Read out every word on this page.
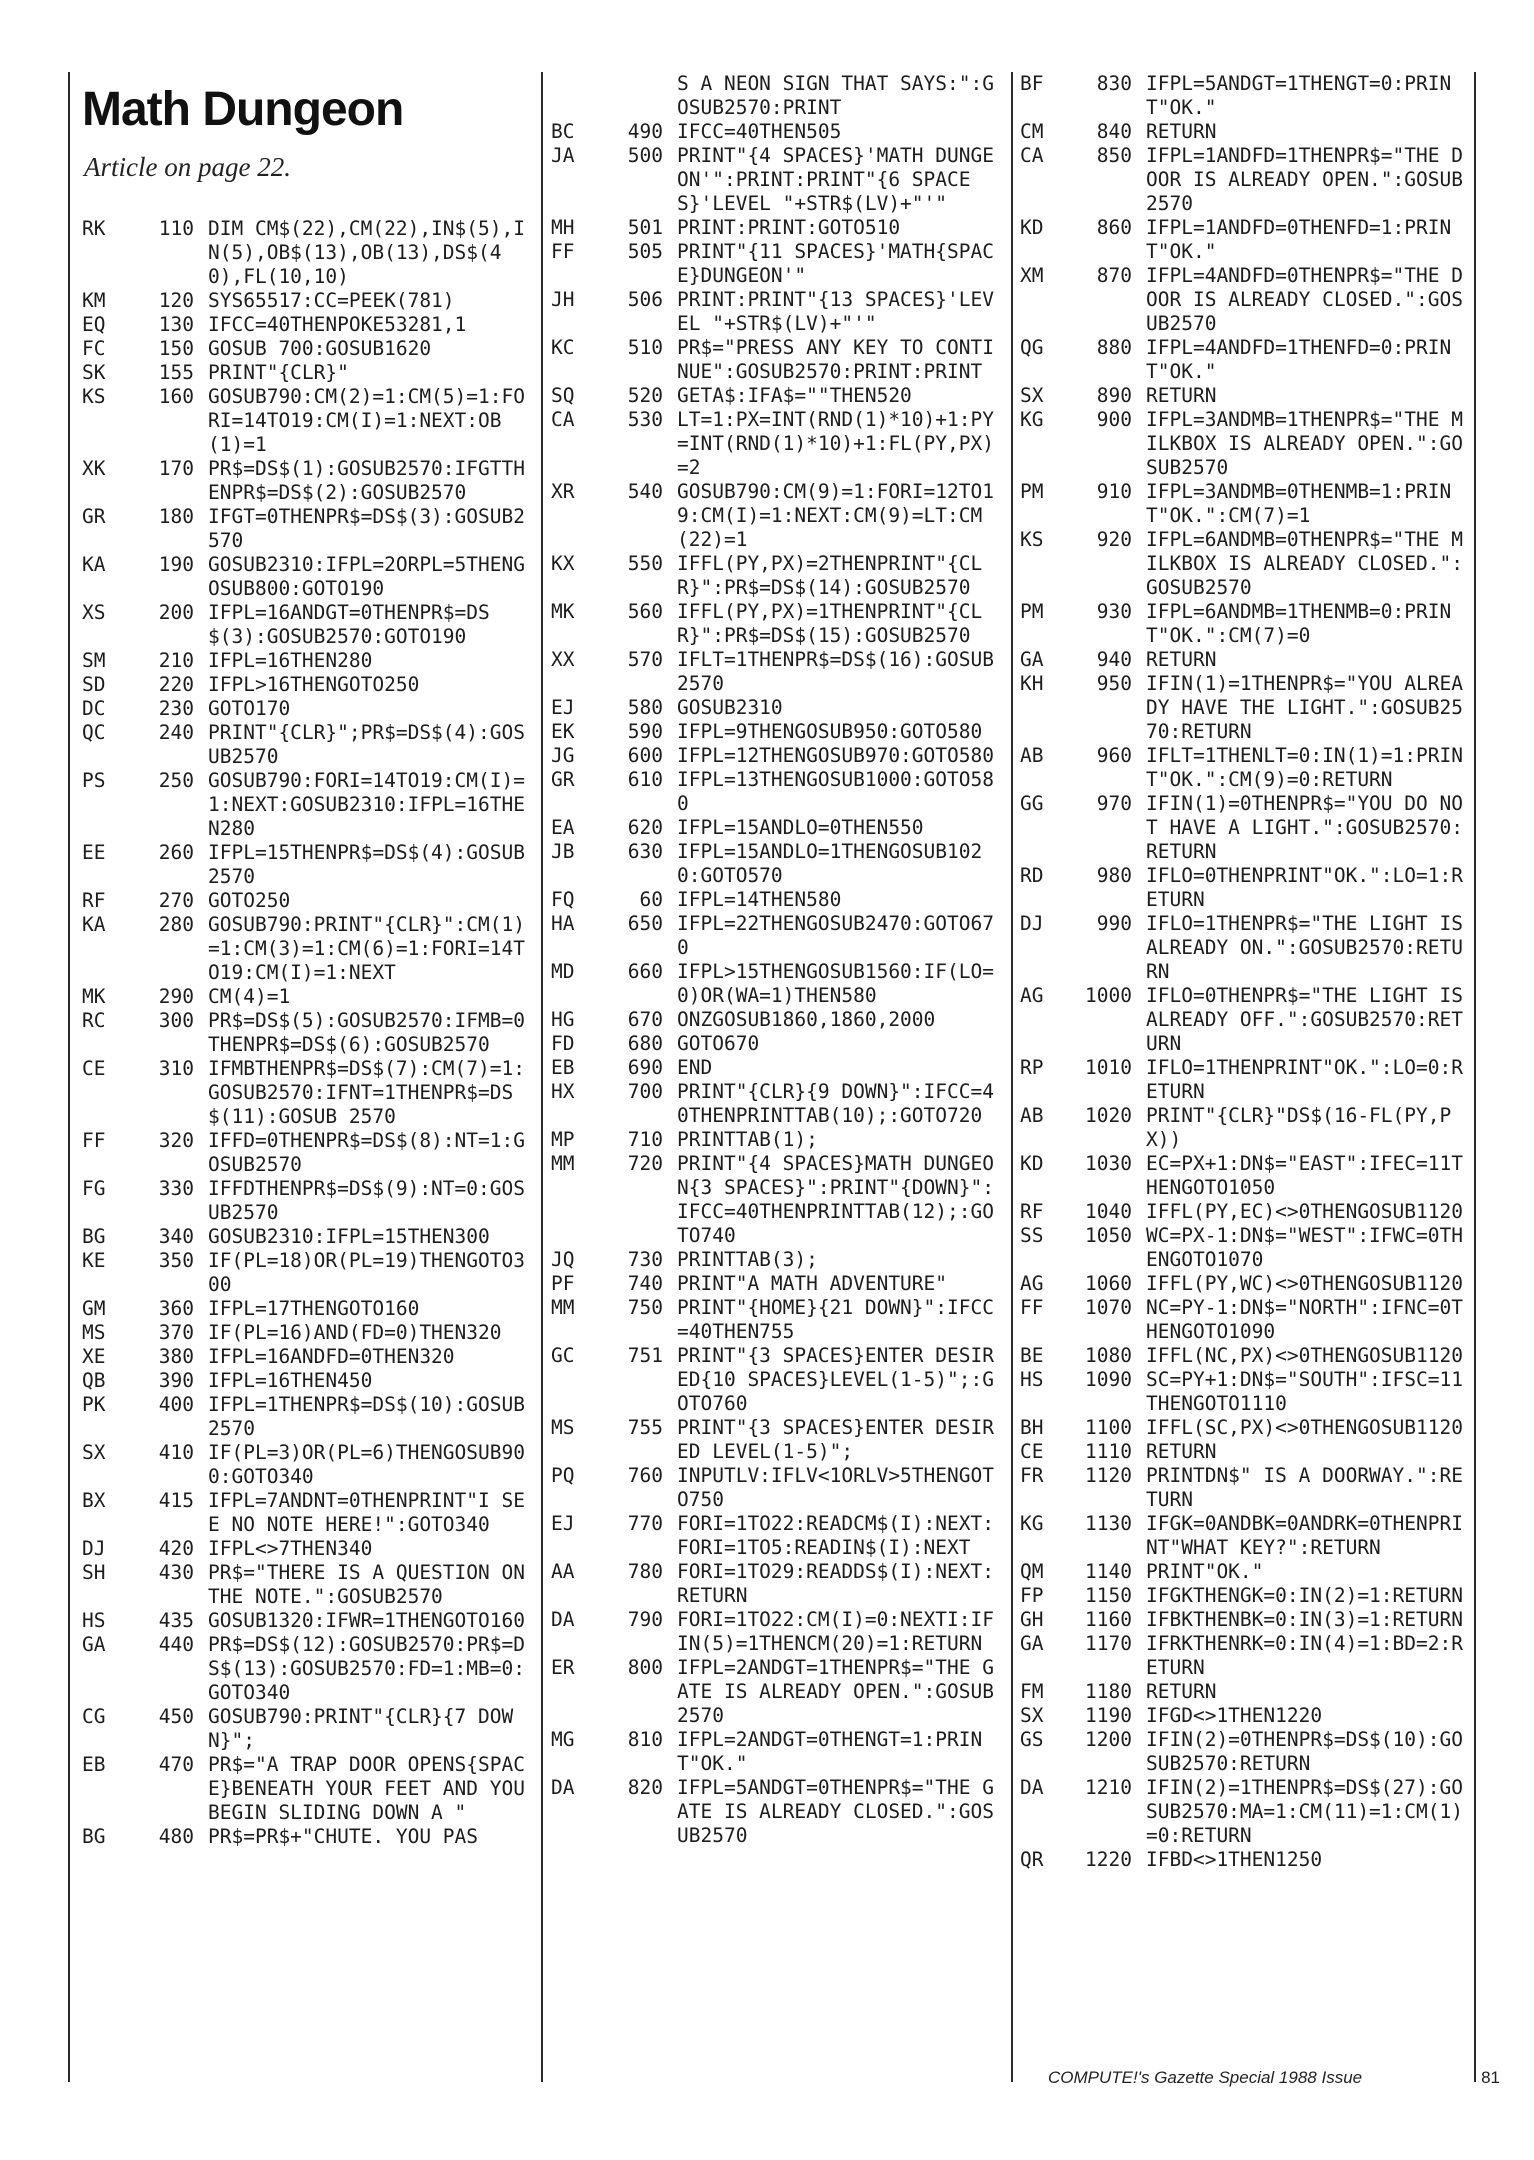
Math Dungeon
Article on page 22.
RK	110 DIM CM$(22),CM(22),IN$(5),IN(5),OB$(13),OB(13),DS$(40),FL(10,10)
KM	120 SYS65517:CC=PEEK(781)
EQ	130 IFCC=40THENPOKE53281,1
FC	150 GOSUB 700:GOSUB1620
SK	155 PRINT"{CLR}"
KS	160 GOSUB790:CM(2)=1:CM(5)=1:FORI=14TO19:CM(I)=1:NEXT:OB(1)=1
XK	170 PR$=DS$(1):GOSUB2570:IFGTTHENPR$=DS$(2):GOSUB2570
GR	180 IFGT=0THENPR$=DS$(3):GOSUB2570
KA	190 GOSUB2310:IFPL=2ORPL=5THENGOSUB800:GOTO190
XS	200 IFPL=16ANDGT=0THENPR$=DS$(3):GOSUB2570:GOTO190
SM	210 IFPL=16THEN280
SD	220 IFPL>16THENGOTO250
DC	230 GOTO170
QC	240 PRINT"{CLR}";PR$=DS$(4):GOSUB2570
PS	250 GOSUB790:FORI=14TO19:CM(I)=1:NEXT:GOSUB2310:IFPL=16THEN280
EE	260 IFPL=15THENPR$=DS$(4):GOSUB2570
RF	270 GOTO250
KA	280 GOSUB790:PRINT"{CLR}":CM(1)=1:CM(3)=1:CM(6)=1:FORI=14TO19:CM(I)=1:NEXT
MK	290 CM(4)=1
RC	300 PR$=DS$(5):GOSUB2570:IFMB=0THENPR$=DS$(6):GOSUB2570
CE	310 IFMBTHENPR$=DS$(7):CM(7)=1:GOSUB2570:IFNT=1THENPR$=DS$(11):GOSUB 2570
FF	320 IFFD=0THENPR$=DS$(8):NT=1:GOSUB2570
FG	330 IFFDTHENPR$=DS$(9):NT=0:GOSUB2570
BG	340 GOSUB2310:IFPL=15THEN300
KE	350 IF(PL=18)OR(PL=19)THENGOTO300
GM	360 IFPL=17THENGOTO160
MS	370 IF(PL=16)AND(FD=0)THEN320
XE	380 IFPL=16ANDFD=0THEN320
QB	390 IFPL=16THEN450
PK	400 IFPL=1THENPR$=DS$(10):GOSUB2570
SX	410 IF(PL=3)OR(PL=6)THENGOSUB900:GOTO340
BX	415 IFPL=7ANDNT=0THENPRINT"I SEE NO NOTE HERE!":GOTO340
DJ	420 IFPL<>7THEN340
SH	430 PR$="THERE IS A QUESTION ON THE NOTE.":GOSUB2570
HS	435 GOSUB1320:IFWR=1THENGOTO160
GA	440 PR$=DS$(12):GOSUB2570:PR$=DS$(13):GOSUB2570:FD=1:MB=0:GOTO340
CG	450 GOSUB790:PRINT"{CLR}{7 DOWN}";
EB	470 PR$="A TRAP DOOR OPENS{SPACE}BENEATH YOUR FEET AND YOU BEGIN SLIDING DOWN A "
BG	480 PR$=PR$+"CHUTE. YOU PAS
S A NEON SIGN THAT SAYS:":GOSUB2570:PRINT
BC	490 IFCC=40THEN505
JA	500 PRINT"{4 SPACES}'MATH DUNGEON'":PRINT:PRINT"{6 SPACES}'LEVEL "+STR$(LV)+"'"
MH	501 PRINT:PRINT:GOTO510
FF	505 PRINT"{11 SPACES}'MATH{SPACE}DUNGEON'"
JH	506 PRINT:PRINT"{13 SPACES}'LEVEL "+STR$(LV)+"'"
KC	510 PR$="PRESS ANY KEY TO CONTINUE":GOSUB2570:PRINT:PRINT
SQ	520 GETA$:IFA$=""THEN520
CA	530 LT=1:PX=INT(RND(1)*10)+1:PY=INT(RND(1)*10)+1:FL(PY,PX)=2
XR	540 GOSUB790:CM(9)=1:FORI=12TO19:CM(I)=1:NEXT:CM(9)=LT:CM(22)=1
KX	550 IFFL(PY,PX)=2THENPRINT"{CLR}":PR$=DS$(14):GOSUB2570
MK	560 IFFL(PY,PX)=1THENPRINT"{CLR}":PR$=DS$(15):GOSUB2570
XX	570 IFLT=1THENPR$=DS$(16):GOSUB2570
EJ	580 GOSUB2310
EK	590 IFPL=9THENGOSUB950:GOTO580
JG	600 IFPL=12THENGOSUB970:GOTO580
GR	610 IFPL=13THENGOSUB1000:GOTO580
EA	620 IFPL=15ANDLO=0THEN550
JB	630 IFPL=15ANDLO=1THENGOSUB1020:GOTO570
FQ	60 IFPL=14THEN580
HA	650 IFPL=22THENGOSUB2470:GOTO670
MD	660 IFPL>15THENGOSUB1560:IF(LO=0)OR(WA=1)THEN580
HG	670 ONZGOSUB1860,1860,2000
FD	680 GOTO670
EB	690 END
HX	700 PRINT"{CLR}{9 DOWN}":IFCC=40THENPRINTTAB(10);:GOTO720
MP	710 PRINTTAB(1);
MM	720 PRINT"{4 SPACES}MATH DUNGEON{3 SPACES}":PRINT"{DOWN}":IFCC=40THENPRINTTAB(12);:GOTO740
JQ	730 PRINTTAB(3);
PF	740 PRINT"A MATH ADVENTURE"
MM	750 PRINT"{HOME}{21 DOWN}":IFCC=40THEN755
GC	751 PRINT"{3 SPACES}ENTER DESIRED{10 SPACES}LEVEL(1-5)";:GOTO760
MS	755 PRINT"{3 SPACES}ENTER DESIRED LEVEL(1-5)";
PQ	760 INPUTLV:IFLV<1ORLV>5THENGOTO750
EJ	770 FORI=1TO22:READCM$(I):NEXT:FORI=1TO5:READIN$(I):NEXT
AA	780 FORI=1TO29:READDS$(I):NEXT:RETURN
DA	790 FORI=1TO22:CM(I)=0:NEXTI:IFIN(5)=1THENCM(20)=1:RETURN
ER	800 IFPL=2ANDGT=1THENPR$="THE GATE IS ALREADY OPEN.":GOSUB2570
MG	810 IFPL=2ANDGT=0THENGT=1:PRINT"OK."
DA	820 IFPL=5ANDGT=0THENPR$="THE GATE IS ALREADY CLOSED.":GOSUB2570
BF	830 IFPL=5ANDGT=1THENGT=0:PRINT"OK."
CM	840 RETURN
CA	850 IFPL=1ANDFD=1THENPR$="THE DOOR IS ALREADY OPEN.":GOSUB2570
KD	860 IFPL=1ANDFD=0THENFD=1:PRINT"OK."
XM	870 IFPL=4ANDFD=0THENPR$="THE DOOR IS ALREADY CLOSED.":GOSUB2570
QG	880 IFPL=4ANDFD=1THENFD=0:PRINT"OK."
SX	890 RETURN
KG	900 IFPL=3ANDMB=1THENPR$="THE MILKBOX IS ALREADY OPEN.":GOSUB2570
PM	910 IFPL=3ANDMB=0THENMB=1:PRINT"OK.":CM(7)=1
KS	920 IFPL=6ANDMB=0THENPR$="THE MILKBOX IS ALREADY CLOSED.":GOSUB2570
PM	930 IFPL=6ANDMB=1THENMB=0:PRINT"OK.":CM(7)=0
GA	940 RETURN
KH	950 IFIN(1)=1THENPR$="YOU ALREADY HAVE THE LIGHT.":GOSUB2570:RETURN
AB	960 IFLT=1THENLT=0:IN(1)=1:PRINT"OK.":CM(9)=0:RETURN
GG	970 IFIN(1)=0THENPR$="YOU DO NOT HAVE A LIGHT.":GOSUB2570:RETURN
RD	980 IFLO=0THENPRINT"OK.":LO=1:RETURN
DJ	990 IFLO=1THENPR$="THE LIGHT IS ALREADY ON.":GOSUB2570:RETURN
AG	1000 IFLO=0THENPR$="THE LIGHT IS ALREADY OFF.":GOSUB2570:RETURN
RP	1010 IFLO=1THENPRINT"OK.":LO=0:RETURN
AB	1020 PRINT"{CLR}"DS$(16-FL(PY,PX))
KD	1030 EC=PX+1:DN$="EAST":IFEC=11THENGOTO1050
RF	1040 IFFL(PY,EC)<>0THENGOSUB1120
SS	1050 WC=PX-1:DN$="WEST":IFWC=0THENGOTO1070
AG	1060 IFFL(PY,WC)<>0THENGOSUB1120
FF	1070 NC=PY-1:DN$="NORTH":IFNC=0THENGOTO1090
BE	1080 IFFL(NC,PX)<>0THENGOSUB1120
HS	1090 SC=PY+1:DN$="SOUTH":IFSC=11THENGOTO1110
BH	1100 IFFL(SC,PX)<>0THENGOSUB1120
CE	1110 RETURN
FR	1120 PRINTDN$" IS A DOORWAY.":RETURN
KG	1130 IFGK=0ANDBK=0ANDRK=0THENPRINT"WHAT KEY?":RETURN
QM	1140 PRINT"OK."
FP	1150 IFGKTHENGK=0:IN(2)=1:RETURN
GH	1160 IFBKTHENBK=0:IN(3)=1:RETURN
GA	1170 IFRKTHENRK=0:IN(4)=1:BD=2:RETURN
FM	1180 RETURN
SX	1190 IFGD<>1THEN1220
GS	1200 IFIN(2)=0THENPR$=DS$(10):GOSUB2570:RETURN
DA	1210 IFIN(2)=1THENPR$=DS$(27):GOSUB2570:MA=1:CM(11)=1:CM(1)=0:RETURN
QR	1220 IFBD<>1THEN1250
COMPUTE!'s Gazette Special 1988 Issue	81
